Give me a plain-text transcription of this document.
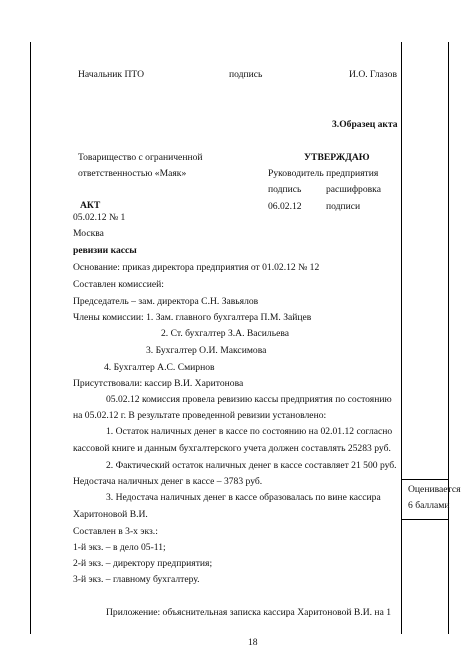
Начальник ПТО	подпись	И.О. Глазов
3.Образец акта
Товарищество с ограниченной
ответственностью «Маяк»
УТВЕРЖДАЮ
Руководитель предприятия
подпись	расшифровка
06.02.12	подписи
АКТ
05.02.12 № 1
Москва
ревизии кассы
Основание: приказ директора предприятия от 01.02.12 № 12
Составлен комиссией:
Председатель – зам. директора С.Н. Завьялов
Члены комиссии: 1. Зам. главного бухгалтера П.М. Зайцев
2. Ст. бухгалтер З.А. Васильева
3. Бухгалтер О.И. Максимова
4. Бухгалтер А.С. Смирнов
Присутствовали: кассир В.И. Харитонова
05.02.12 комиссия провела ревизию кассы предприятия по состоянию
на 05.02.12 г. В результате проведенной ревизии установлено:
1. Остаток наличных денег в кассе по состоянию на 02.01.12 согласно
кассовой книге и данным бухгалтерского учета должен составлять 25283 руб.
2. Фактический остаток наличных денег в кассе составляет 21 500 руб.
Недостача наличных денег в кассе – 3783 руб.
3. Недостача наличных денег в кассе образовалась по вине кассира
Харитоновой В.И.
Составлен в 3-х экз.:
1-й экз. – в дело 05-11;
2-й экз. – директору предприятия;
3-й экз. – главному бухгалтеру.
Приложение: объяснительная записка кассира Харитоновой В.И. на 1
Оценивается
6 баллами
18
